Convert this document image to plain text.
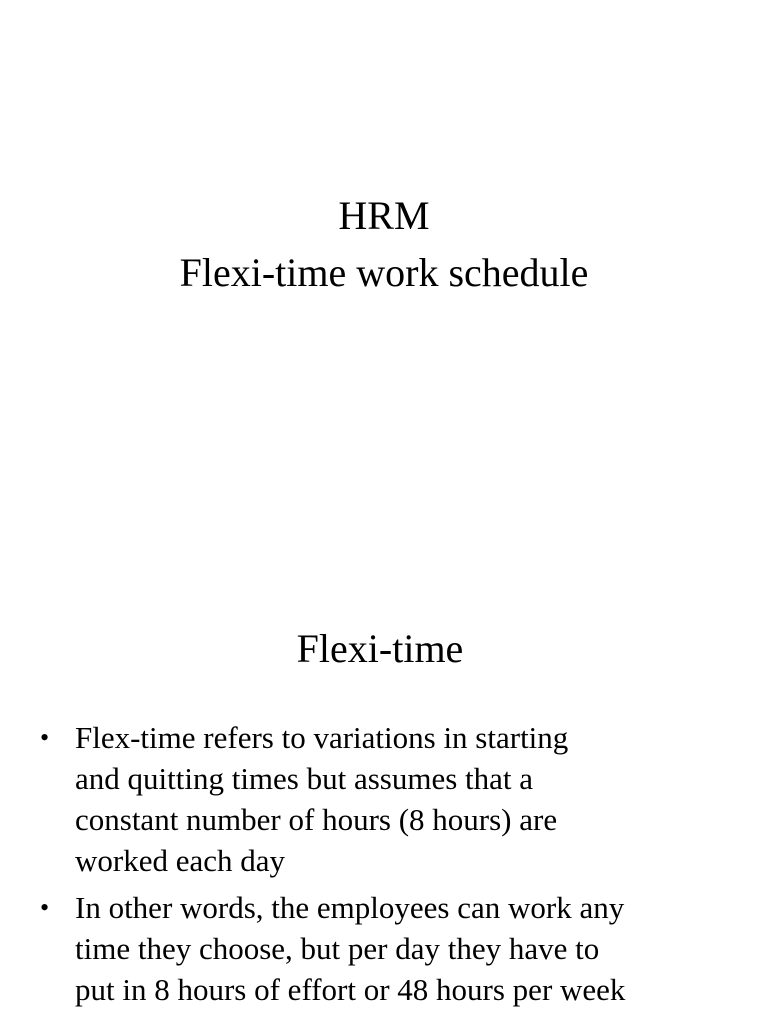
HRM
Flexi-time work schedule
Flexi-time
• Flex-time refers to variations in starting
and quitting times but assumes that a
constant number of hours (8 hours) are
worked each day
• In other words, the employees can work any
time they choose, but per day they have to
put in 8 hours of effort or 48 hours per week
